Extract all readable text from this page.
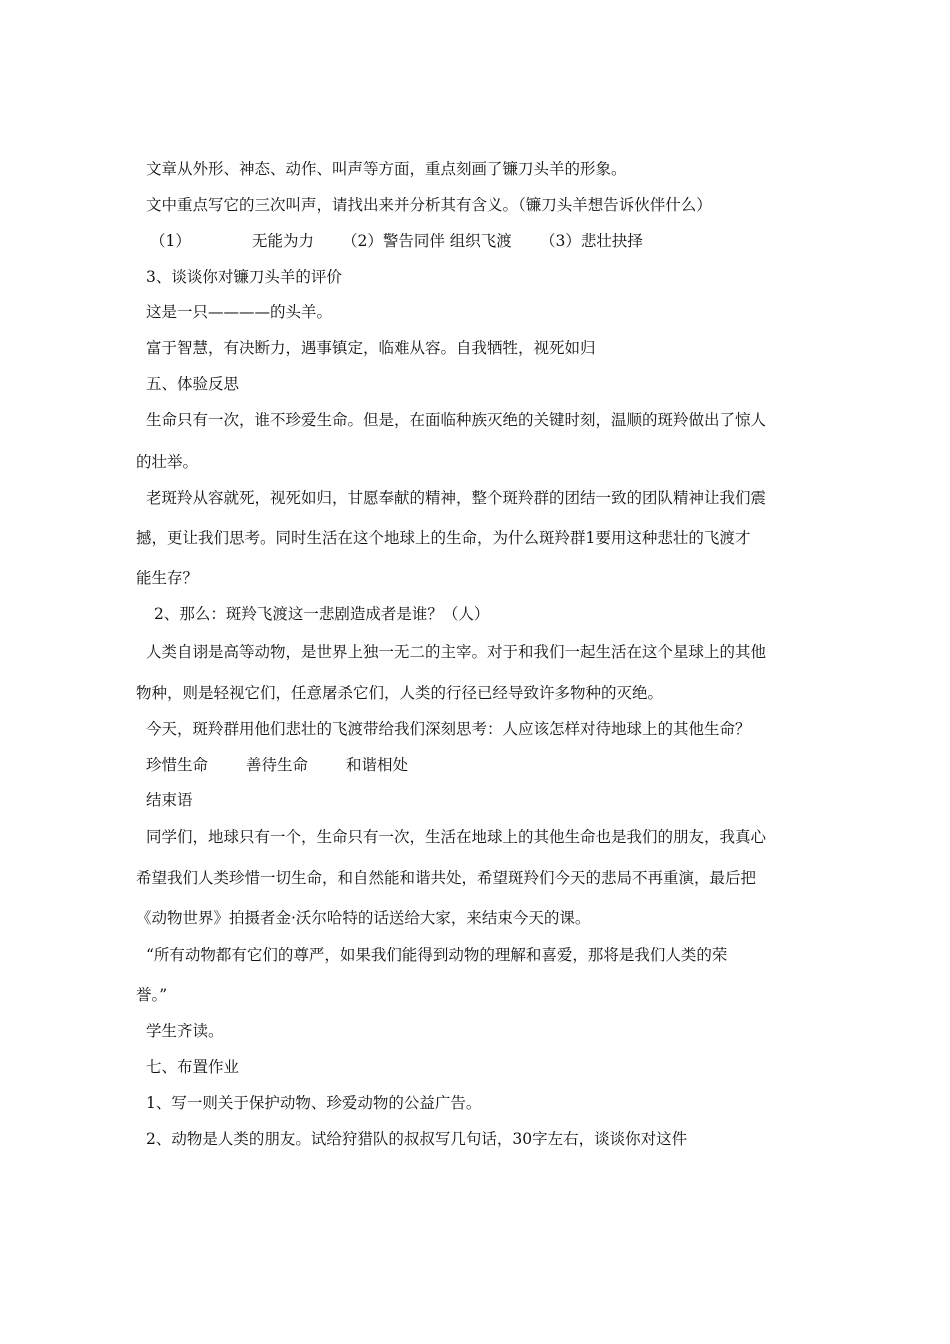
文章从外形、神态、动作、叫声等方面，重点刻画了镰刀头羊的形象。
文中重点写它的三次叫声，请找出来并分析其有含义。（镰刀头羊想告诉伙伴什么）
（1）	无能为力 （2）警告同伴 组织飞渡 （3）悲壮抉择
3、谈谈你对镰刀头羊的评价
这是一只————的头羊。
富于智慧，有决断力，遇事镇定，临难从容。自我牺牲，视死如归
五、体验反思
生命只有一次，谁不珍爱生命。但是，在面临种族灭绝的关键时刻，温顺的斑羚做出了惊人
的壮举。
老斑羚从容就死，视死如归，甘愿奉献的精神，整个斑羚群的团结一致的团队精神让我们震
撼，更让我们思考。同时生活在这个地球上的生命，为什么斑羚群1要用这种悲壮的飞渡才
能生存？
2、那么：斑羚飞渡这一悲剧造成者是谁？（人）
人类自诩是高等动物，是世界上独一无二的主宰。对于和我们一起生活在这个星球上的其他
物种，则是轻视它们，任意屠杀它们，人类的行径已经导致许多物种的灭绝。
今天，斑羚群用他们悲壮的飞渡带给我们深刻思考：人应该怎样对待地球上的其他生命？
珍惜生命 善待生命 和谐相处
结束语
同学们，地球只有一个，生命只有一次，生活在地球上的其他生命也是我们的朋友，我真心
希望我们人类珍惜一切生命，和自然能和谐共处，希望斑羚们今天的悲局不再重演，最后把
《动物世界》拍摄者金·沃尔哈特的话送给大家，来结束今天的课。
“所有动物都有它们的尊严，如果我们能得到动物的理解和喜爱，那将是我们人类的荣
誉。”
学生齐读。
七、布置作业
1、写一则关于保护动物、珍爱动物的公益广告。
2、动物是人类的朋友。试给狩猎队的叔叔写几句话，30字左右，谈谈你对这件
